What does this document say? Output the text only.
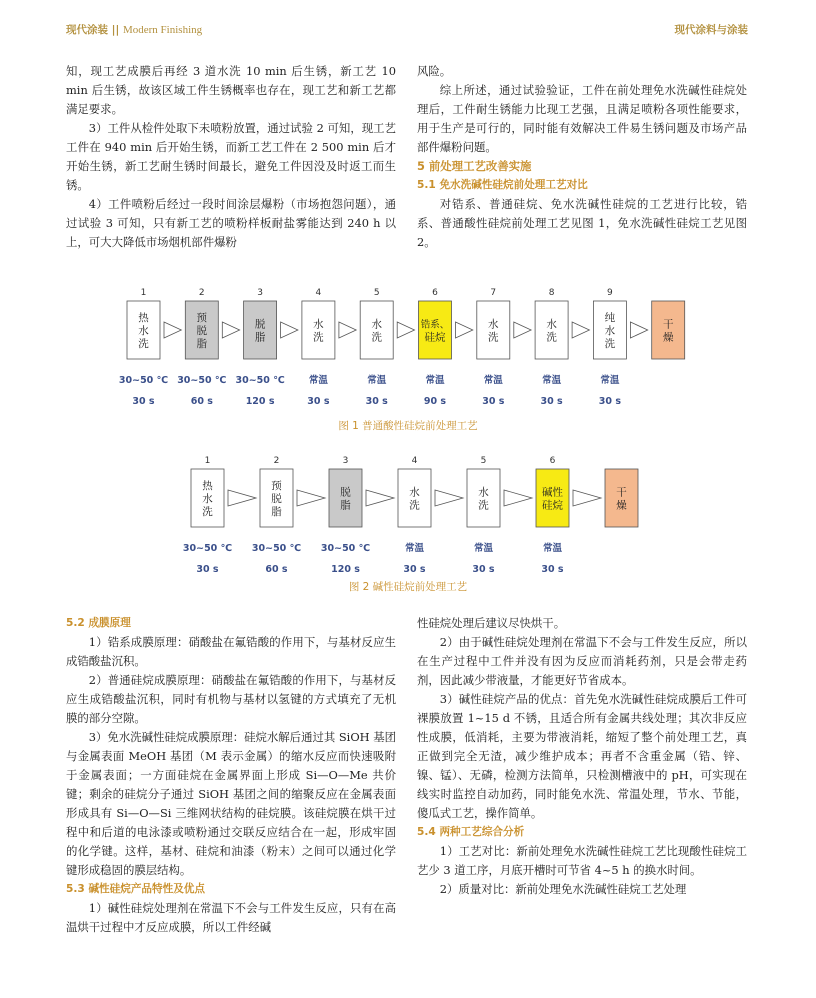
现代涂装 || Modern Finishing	现代涂料与涂装

知，现工艺成膜后再经 3 道水洗 10 min 后生锈，新工艺 10 min 后生锈，故该区域工件生锈概率也存在，现工艺和新工艺都满足要求。

3）工件从检件处取下未喷粉放置，通过试验 2 可知，现工艺工件在 940 min 后开始生锈，而新工艺工件在 2 500 min 后才开始生锈，新工艺耐生锈时间最长，避免工件因没及时返工而生锈。

4）工件喷粉后经过一段时间涂层爆粉（市场抱怨问题），通过试验 3 可知，只有新工艺的喷粉样板耐盐雾能达到 240 h 以上，可大大降低市场烟机部件爆粉

风险。

综上所述，通过试验验证，工件在前处理免水洗碱性硅烷处理后，工件耐生锈能力比现工艺强，且满足喷粉各项性能要求，用于生产是可行的，同时能有效解决工件易生锈问题及市场产品部件爆粉问题。

5 前处理工艺改善实施
5.1 免水洗碱性硅烷前处理工艺对比

对锆系、普通硅烷、免水洗碱性硅烷的工艺进行比较，锆系、普通酸性硅烷前处理工艺见图 1，免水洗碱性硅烷工艺见图 2。

1
热
水
洗
30~50 ℃
30 s
2
预
脱
脂
30~50 ℃
60 s
3
脱
脂
30~50 ℃
120 s
4
水
洗
常温
30 s
5
水
洗
常温
30 s
6
锆系、
硅烷
常温
90 s
7
水
洗
常温
30 s
8
水
洗
常温
30 s
9
纯
水
洗
常温
30 s
干
燥
图 1 普通酸性硅烷前处理工艺
1
热
水
洗
30~50 ℃
30 s
2
预
脱
脂
30~50 ℃
60 s
3
脱
脂
30~50 ℃
120 s
4
水
洗
常温
30 s
5
水
洗
常温
30 s
6
碱性
硅烷
常温
30 s
干
燥
图 2 碱性硅烷前处理工艺
5.2 成膜原理

1）锆系成膜原理：硝酸盐在氟锆酸的作用下，与基材反应生成锆酸盐沉积。

2）普通硅烷成膜原理：硝酸盐在氟锆酸的作用下，与基材反应生成锆酸盐沉积，同时有机物与基材以氢键的方式填充了无机膜的部分空隙。

3）免水洗碱性硅烷成膜原理：硅烷水解后通过其 SiOH 基团与金属表面 MeOH 基团（M 表示金属）的缩水反应而快速吸附于金属表面；一方面硅烷在金属界面上形成 Si—O—Me 共价键；剩余的硅烷分子通过 SiOH 基团之间的缩聚反应在金属表面形成具有 Si—O—Si 三维网状结构的硅烷膜。该硅烷膜在烘干过程中和后道的电泳漆或喷粉通过交联反应结合在一起，形成牢固的化学键。这样，基材、硅烷和油漆（粉末）之间可以通过化学键形成稳固的膜层结构。

5.3 碱性硅烷产品特性及优点

1）碱性硅烷处理剂在常温下不会与工件发生反应，只有在高温烘干过程中才反应成膜，所以工件经碱

性硅烷处理后建议尽快烘干。

2）由于碱性硅烷处理剂在常温下不会与工件发生反应，所以在生产过程中工件并没有因为反应而消耗药剂，只是会带走药剂，因此减少带液量，才能更好节省成本。

3）碱性硅烷产品的优点：首先免水洗碱性硅烷成膜后工件可裸膜放置 1~15 d 不锈，且适合所有金属共线处理；其次非反应性成膜，低消耗，主要为带液消耗，缩短了整个前处理工艺，真正做到完全无渣，减少维护成本；再者不含重金属（锆、锌、镍、锰）、无磷，检测方法简单，只检测槽液中的 pH，可实现在线实时监控自动加药，同时能免水洗、常温处理，节水、节能，傻瓜式工艺，操作简单。

5.4 两种工艺综合分析

1）工艺对比：新前处理免水洗碱性硅烷工艺比现酸性硅烷工艺少 3 道工序，月底开槽时可节省 4~5 h 的换水时间。

2）质量对比：新前处理免水洗碱性硅烷工艺处理
